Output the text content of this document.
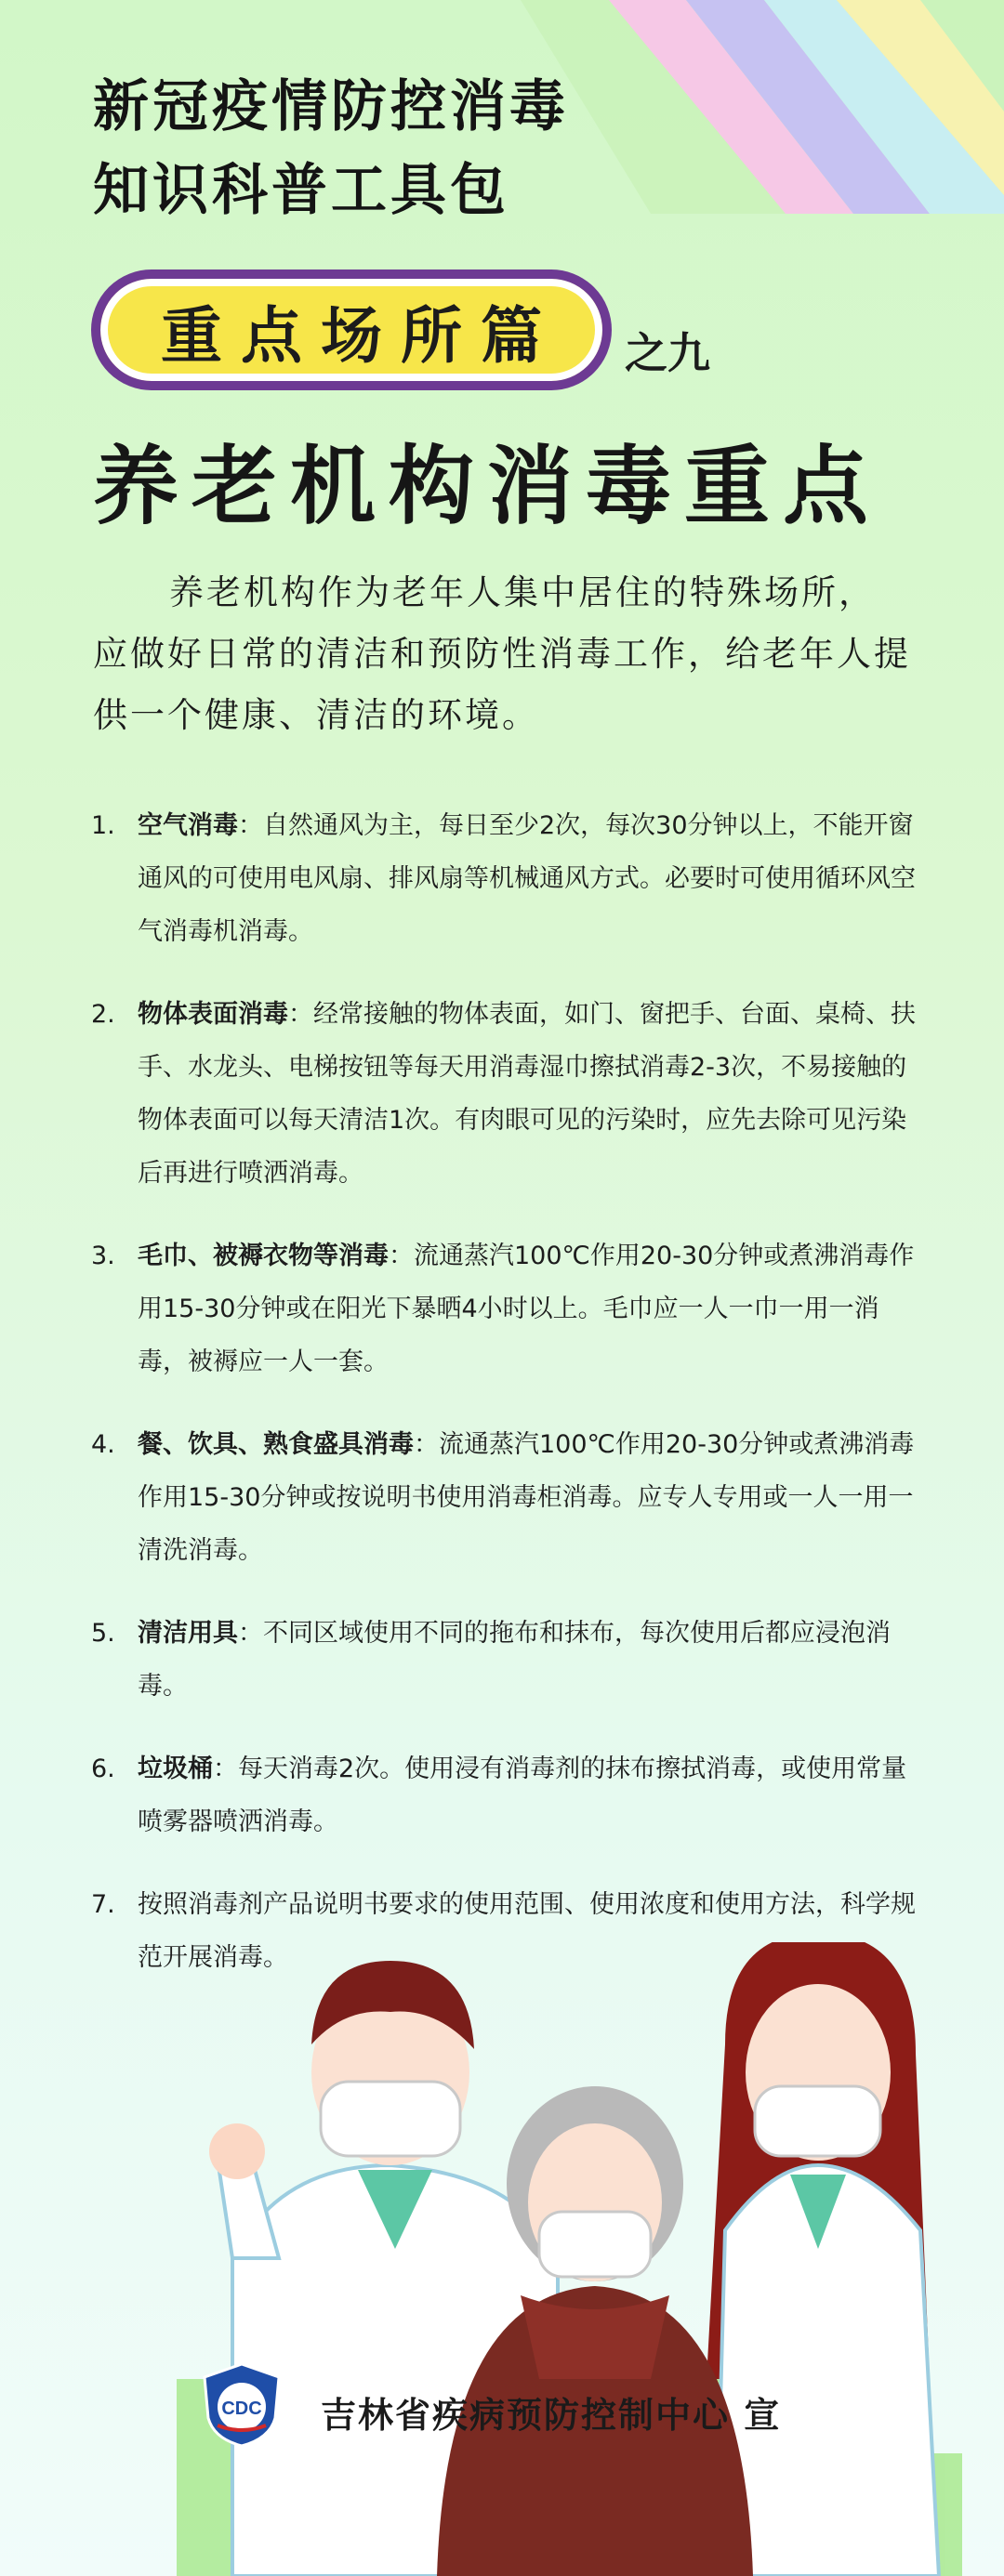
新冠疫情防控消毒
知识科普工具包
重点场所篇 之九
养老机构消毒重点

养老机构作为老年人集中居住的特殊场所，应做好日常的清洁和预防性消毒工作，给老年人提供一个健康、清洁的环境。

1. 空气消毒：自然通风为主，每日至少2次，每次30分钟以上，不能开窗通风的可使用电风扇、排风扇等机械通风方式。必要时可使用循环风空气消毒机消毒。
2. 物体表面消毒：经常接触的物体表面，如门、窗把手、台面、桌椅、扶手、水龙头、电梯按钮等每天用消毒湿巾擦拭消毒2-3次，不易接触的物体表面可以每天清洁1次。有肉眼可见的污染时，应先去除可见污染后再进行喷洒消毒。
3. 毛巾、被褥衣物等消毒：流通蒸汽100℃作用20-30分钟或煮沸消毒作用15-30分钟或在阳光下暴晒4小时以上。毛巾应一人一巾一用一消毒，被褥应一人一套。
4. 餐、饮具、熟食盛具消毒：流通蒸汽100℃作用20-30分钟或煮沸消毒作用15-30分钟或按说明书使用消毒柜消毒。应专人专用或一人一用一清洗消毒。
5. 清洁用具：不同区域使用不同的拖布和抹布，每次使用后都应浸泡消毒。
6. 垃圾桶：每天消毒2次。使用浸有消毒剂的抹布擦拭消毒，或使用常量喷雾器喷洒消毒。
7. 按照消毒剂产品说明书要求的使用范围、使用浓度和使用方法，科学规范开展消毒。
CDC 吉林省疾病预防控制中心 宣
